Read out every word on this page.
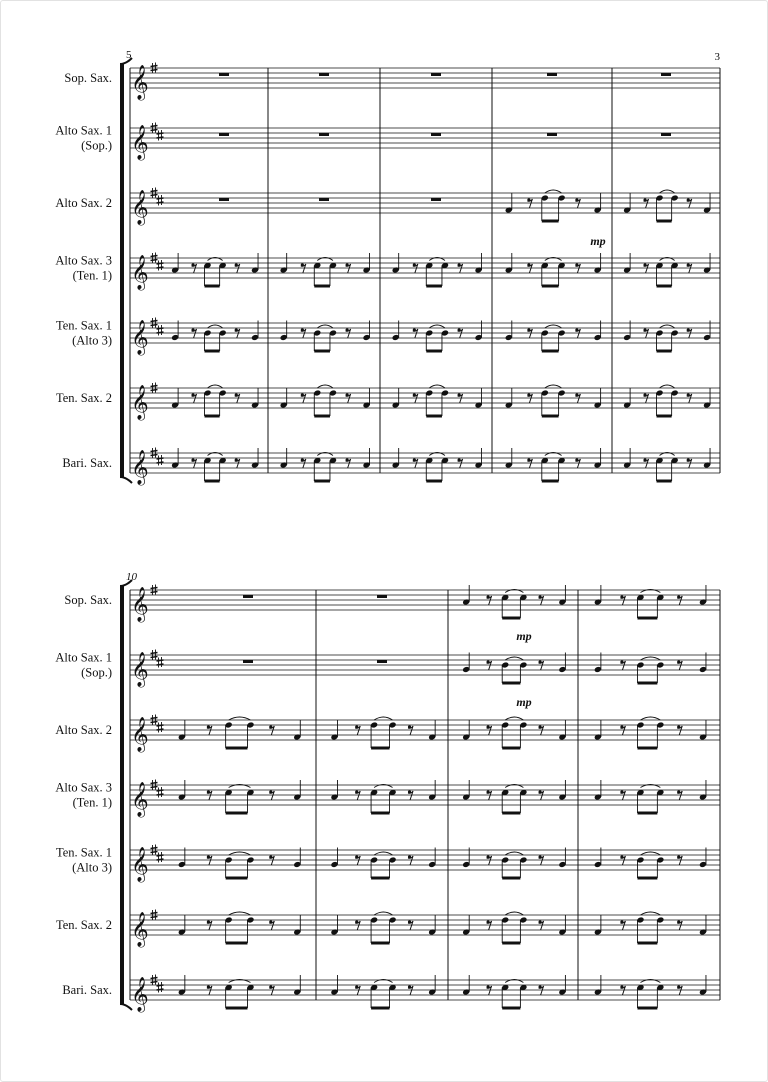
3
5
Sop. Sax. 𝄞
Alto Sax. 1
(Sop.) 𝄞
Alto Sax. 2 𝄞
Alto Sax. 3
(Ten. 1) 𝄞
Ten. Sax. 1
(Alto 3) 𝄞
Ten. Sax. 2 𝄞
Bari. Sax. 𝄞
10
Sop. Sax. 𝄞
Alto Sax. 1
(Sop.) 𝄞
Alto Sax. 2 𝄞
Alto Sax. 3
(Ten. 1) 𝄞
Ten. Sax. 1
(Alto 3) 𝄞
Ten. Sax. 2 𝄞
Bari. Sax. 𝄞
mp
mp
mp
